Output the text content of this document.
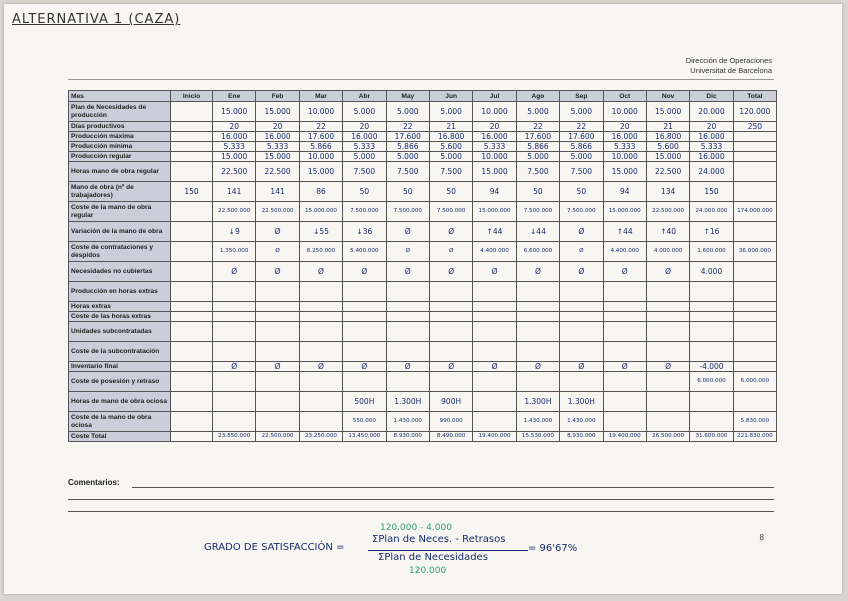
ALTERNATIVA 1 (CAZA)
Dirección de Operaciones
Universitat de Barcelona
Mes	Inicio	Ene	Feb	Mar	Abr	May	Jun	Jul	Ago	Sep	Oct	Nov	Dic	Total
Plan de Necesidades de producción		15.000	15.000	10.000	5.000	5.000	5.000	10.000	5.000	5.000	10.000	15.000	20.000	120.000
Días productivos		20	20	22	20	22	21	20	22	22	20	21	20	250
Producción máxima		16.000	16.000	17.600	16.000	17.600	16.800	16.000	17.600	17.600	16.000	16.800	16.000	
Producción mínima		5.333	5.333	5.866	5.333	5.866	5.600	5.333	5.866	5.866	5.333	5.600	5.333	
Producción regular		15.000	15.000	10.000	5.000	5.000	5.000	10.000	5.000	5.000	10.000	15.000	16.000	
Horas mano de obra regular		22.500	22.500	15.000	7.500	7.500	7.500	15.000	7.500	7.500	15.000	22.500	24.000	
Mano de obra (nº de trabajadores)	150	141	141	86	50	50	50	94	50	50	94	134	150	
Coste de la mano de obra regular		22.500.000	22.500.000	15.000.000	7.500.000	7.500.000	7.500.000	15.000.000	7.500.000	7.500.000	15.000.000	22.500.000	24.000.000	174.000.000
Variación de la mano de obra		↓9	Ø	↓55	↓36	Ø	Ø	↑44	↓44	Ø	↑44	↑40	↑16	
Coste de contrataciones y despidos		1.350.000	Ø	8.250.000	5.400.000	Ø	Ø	4.400.000	6.600.000	Ø	4.400.000	4.000.000	1.600.000	36.000.000
Necesidades no cubiertas		Ø	Ø	Ø	Ø	Ø	Ø	Ø	Ø	Ø	Ø	Ø	4.000	
Producción en horas extras														
Horas extras														
Coste de las horas extras														
Unidades subcontratadas														
Coste de la subcontratación														
Inventario final		Ø	Ø	Ø	Ø	Ø	Ø	Ø	Ø	Ø	Ø	Ø	-4.000	
Coste de posesión y retraso													6.000.000	6.000.000
Horas de mano de obra ociosa					500H	1.300H	900H		1.300H	1.300H				
Coste de la mano de obra ociosa					550.000	1.430.000	990.000		1.430.000	1.430.000				5.830.000
Coste Total		23.850.000	22.500.000	23.250.000	13.450.000	8.930.000	8.490.000	19.400.000	15.530.000	8.930.000	19.400.000	26.500.000	31.600.000	221.830.000
Comentarios:
8
120.000 - 4.000
GRADO DE SATISFACCIÓN =
ΣPlan de Neces. - Retrasos
ΣPlan de Necesidades
= 96'67%
120.000
